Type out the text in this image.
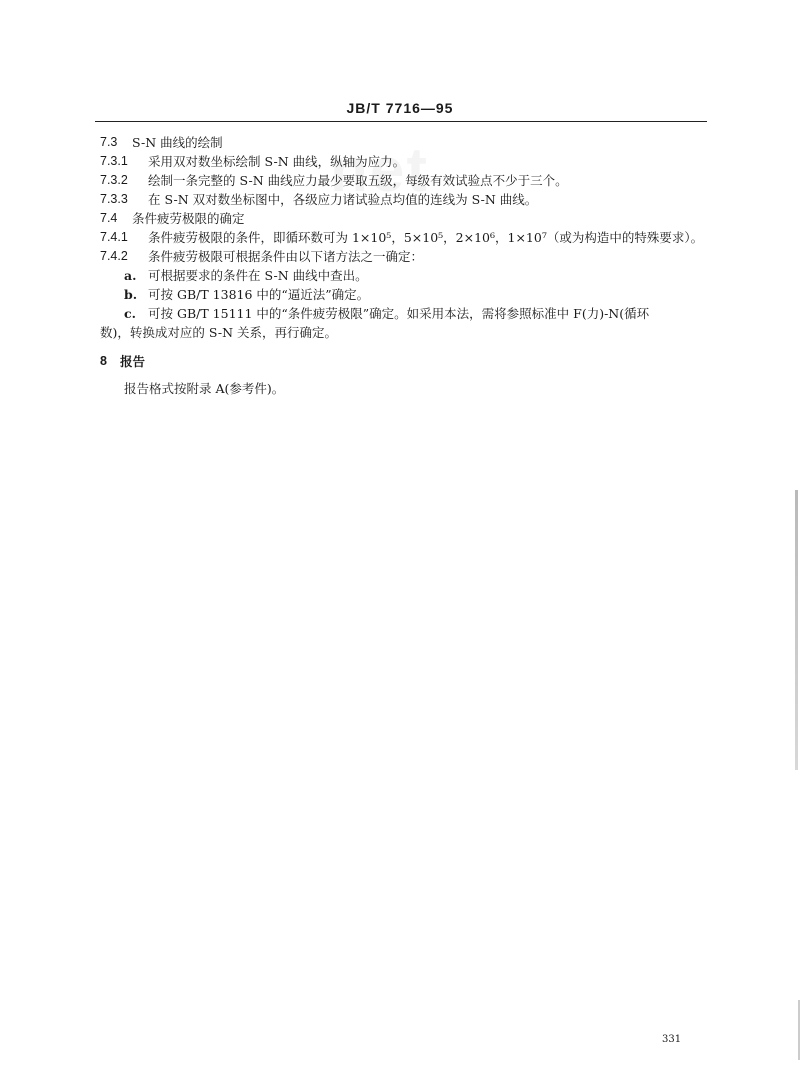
JB/T 7716—95
7.3 S-N 曲线的绘制
7.3.1 采用双对数坐标绘制 S-N 曲线，纵轴为应力。
7.3.2 绘制一条完整的 S-N 曲线应力最少要取五级，每级有效试验点不少于三个。
7.3.3 在 S-N 双对数坐标图中，各级应力诸试验点均值的连线为 S-N 曲线。
7.4 条件疲劳极限的确定
7.4.1 条件疲劳极限的条件，即循环数可为 1×10⁵，5×10⁵，2×10⁶，1×10⁷（或为构造中的特殊要求）。
7.4.2 条件疲劳极限可根据条件由以下诸方法之一确定：
a. 可根据要求的条件在 S-N 曲线中查出。
b. 可按 GB/T 13816 中的“逼近法”确定。
c. 可按 GB/T 15111 中的“条件疲劳极限”确定。如采用本法，需将参照标准中 F(力)-N(循环
数)，转换成对应的 S-N 关系，再行确定。
8 报告
报告格式按附录 A(参考件)。
331
